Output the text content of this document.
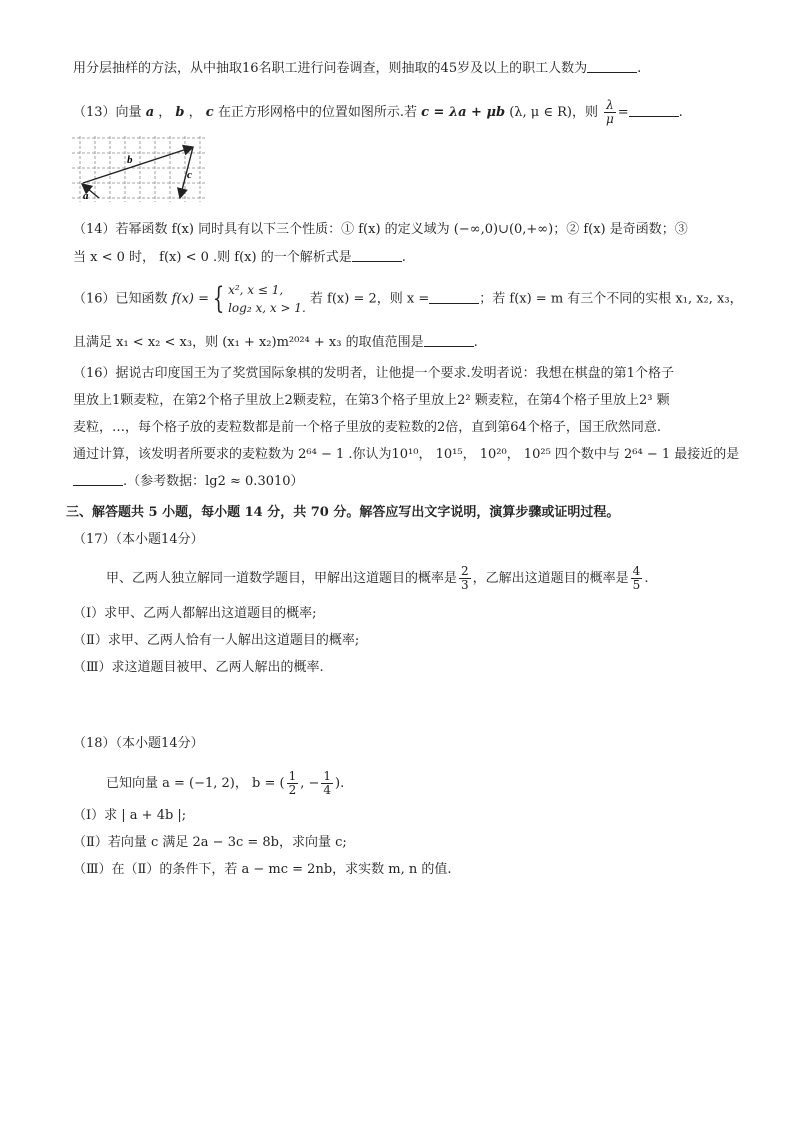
用分层抽样的方法，从中抽取16名职工进行问卷调查，则抽取的45岁及以上的职工人数为	.
（13）向量 a ， b ， c 在正方形网格中的位置如图所示.若 c = λa + μb (λ, μ ∈ R)，则 $\frac{\lambda}{\mu}$ =	.
b
c
a
（14）若幂函数 f(x) 同时具有以下三个性质：① f(x) 的定义域为 (−∞,0)∪(0,+∞)；② f(x) 是奇函数；③
当 x < 0 时， f(x) < 0 .则 f(x) 的一个解析式是	.
（16）已知函数 f(x) = { x², x ≤ 1,
log₂ x, x > 1.
若 f(x) = 2，则 x =	；若 f(x) = m 有三个不同的实根 x₁, x₂, x₃，
且满足 x₁ < x₂ < x₃，则 (x₁ + x₂)m²⁰²⁴ + x₃ 的取值范围是	.
（16）据说古印度国王为了奖赏国际象棋的发明者，让他提一个要求.发明者说：我想在棋盘的第1个格子
里放上1颗麦粒，在第2个格子里放上2颗麦粒，在第3个格子里放上2² 颗麦粒，在第4个格子里放上2³ 颗
麦粒，…，每个格子放的麦粒数都是前一个格子里放的麦粒数的2倍，直到第64个格子，国王欣然同意.
通过计算，该发明者所要求的麦粒数为 2⁶⁴ − 1 .你认为10¹⁰， 10¹⁵， 10²⁰， 10²⁵ 四个数中与 2⁶⁴ − 1 最接近的是
.（参考数据：lg2 ≈ 0.3010）
三、解答题共 5 小题，每小题 14 分，共 70 分。解答应写出文字说明，演算步骤或证明过程。
（17）（本小题14分）
甲、乙两人独立解同一道数学题目，甲解出这道题目的概率是 $\frac{2}{3}$ ，乙解出这道题目的概率是 $\frac{4}{5}$ .
（Ⅰ）求甲、乙两人都解出这道题目的概率;
（Ⅱ）求甲、乙两人恰有一人解出这道题目的概率;
（Ⅲ）求这道题目被甲、乙两人解出的概率.
（18）（本小题14分）
已知向量 a = (−1, 2)， b = ( $\frac{1}{2}$ , − $\frac{1}{4}$ ).
（Ⅰ）求 | a + 4b |;
（Ⅱ）若向量 c 满足 2a − 3c = 8b，求向量 c;
（Ⅲ）在（Ⅱ）的条件下，若 a − mc = 2nb，求实数 m, n 的值.
